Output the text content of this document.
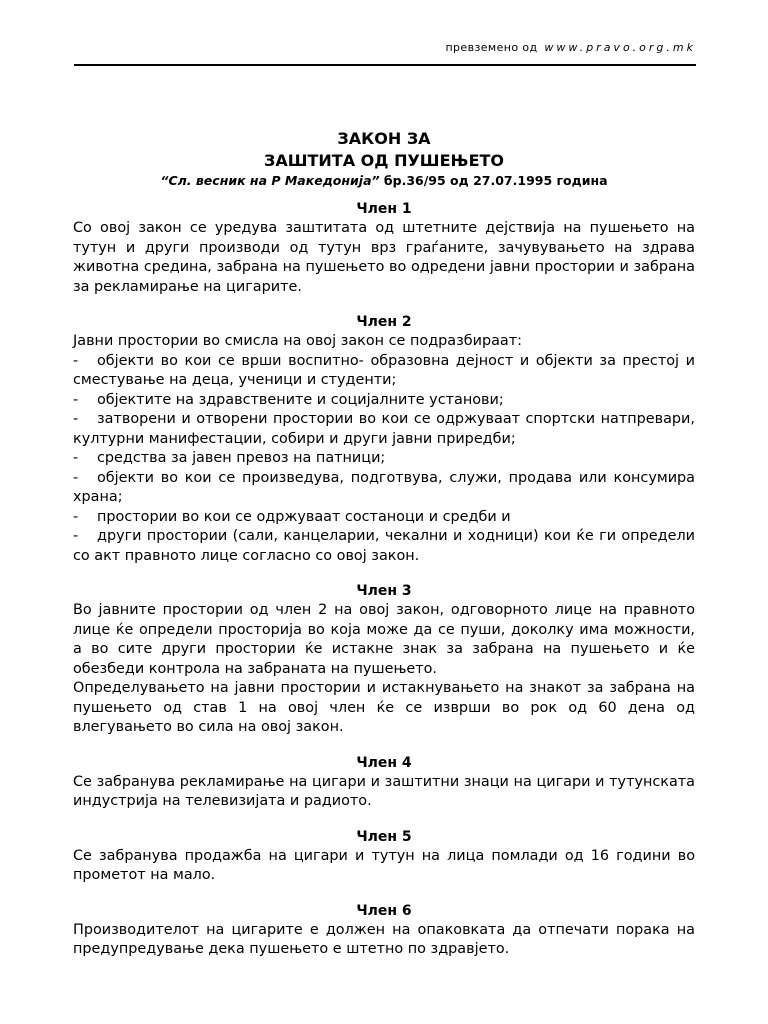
превземено од www.pravo.org.mk

ЗАКОН ЗА

ЗАШТИТА ОД ПУШЕЊЕТО

“Сл. весник на Р Македонија” бр.36/95 од 27.07.1995 година

Член 1

Со овој закон се уредува заштитата од штетните дејствија на пушењето на тутун и други производи од тутун врз граѓаните, зачувувањето на здрава животна средина, забрана на пушењето во одредени јавни простории и забрана за рекламирање на цигарите.

Член 2

Јавни простории во смисла на овој закон се подразбираат:

- објекти во кои се врши воспитно- образовна дејност и објекти за престој и сместување на деца, ученици и студенти;

- објектите на здравствените и социјалните установи;

- затворени и отворени простории во кои се одржуваат спортски натпревари, културни манифестации, собири и други јавни приредби;

- средства за јавен превоз на патници;

- објекти во кои се произведува, подготвува, служи, продава или консумира храна;

- простории во кои се одржуваат состаноци и средби и

- други простории (сали, канцеларии, чекални и ходници) кои ќе ги определи со акт правното лице согласно со овој закон.

Член 3

Во јавните простории од член 2 на овој закон, одговорното лице на правното лице ќе определи просторија во која може да се пуши, доколку има можности, а во сите други простории ќе истакне знак за забрана на пушењето и ќе обезбеди контрола на забраната на пушењето.

Определувањето на јавни простории и истакнувањето на знакот за забрана на пушењето од став 1 на овој член ќе се изврши во рок од 60 дена од влегувањето во сила на овој закон.

Член 4

Се забранува рекламирање на цигари и заштитни знаци на цигари и тутунската индустрија на телевизијата и радиото.

Член 5

Се забранува продажба на цигари и тутун на лица помлади од 16 години во прометот на мало.

Член 6

Производителот на цигарите е должен на опаковката да отпечати порака на предупредување дека пушењето е штетно по здравјето.
